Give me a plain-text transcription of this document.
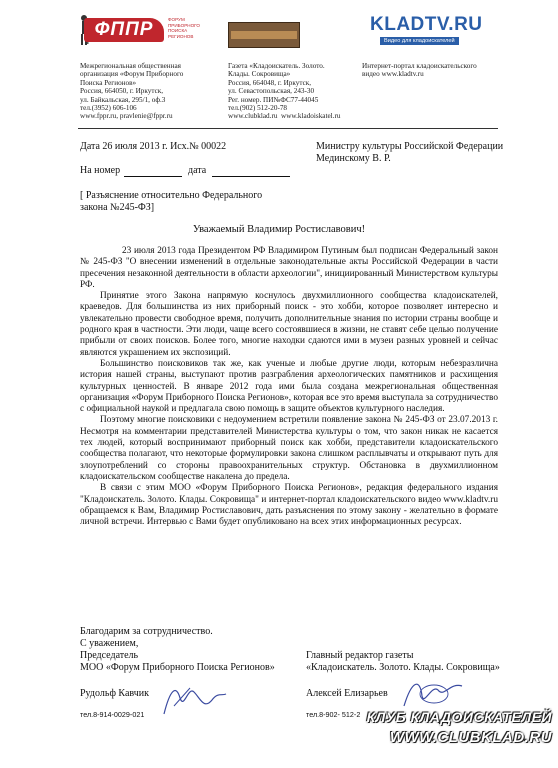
ФППР	ФОРУМ ПРИБОРНОГО ПОИСКА РЕГИОНОВ
KLADTV.RU
Видео для кладоискателей
Межрегиональная общественная
организация «Форум Приборного
Поиска Регионов»
Россия, 664050, г. Иркутск,
ул. Байкальская, 295/1, оф.3
тел.(3952) 606-106
www.fppr.ru, pravlenie@fppr.ru
Газета «Кладоискатель. Золото.
Клады. Сокровища»
Россия, 664048, г. Иркутск,
ул. Севастопольская, 243-30
Рег. номер. ПИ№ФС77-44045
тел.(902) 512-20-78
www.clubklad.ru  www.kladoiskatel.ru
Интернет-портал кладоискательского
видео www.kladtv.ru
Дата 26 июля 2013 г. Исх.№ 00022	Министру культуры Российской Федерации
Мединскому В. Р.
На номер	дата
[ Разъяснение относительно Федерального
закона №245-ФЗ]
Уважаемый Владимир Ростиславович!

23 июля 2013 года Президентом РФ Владимиром Путиным был подписан Федеральный закон № 245-ФЗ "О внесении изменений в отдельные законодательные акты Российской Федерации в части пресечения незаконной деятельности в области археологии", инициированный Министерством культуры РФ.

Принятие этого Закона напрямую коснулось двухмиллионного сообщества кладоискателей, краеведов. Для большинства из них приборный поиск - это хобби, которое позволяет интересно и увлекательно провести свободное время, получить дополнительные знания по истории страны вообще и родного края в частности. Эти люди, чаще всего состоявшиеся в жизни, не ставят себе целью получение прибыли от своих поисков. Более того, многие находки сдаются ими в музеи разных уровней и сейчас являются украшением их экспозиций.

Большинство поисковиков так же, как ученые и любые другие люди, которым небезразлична история нашей страны, выступают против разграбления археологических памятников и расхищения культурных ценностей. В январе 2012 года ими была создана межрегиональная общественная организация «Форум Приборного Поиска Регионов», которая все это время выступала за сотрудничество с официальной наукой и предлагала свою помощь в защите объектов культурного наследия.

Поэтому многие поисковики с недоумением встретили появление закона № 245-ФЗ от 23.07.2013 г. Несмотря на комментарии представителей Министерства культуры о том, что закон никак не касается тех людей, который воспринимают приборный поиск как хобби, представители кладоискательского сообщества полагают, что некоторые формулировки закона слишком расплывчаты и открывают путь для злоупотреблений со стороны правоохранительных структур. Обстановка в двухмиллионном кладоискательском сообществе накалена до предела.

В связи с этим МОО «Форум Приборного Поиска Регионов», редакция федерального издания "Кладоискатель. Золото. Клады. Сокровища" и интернет-портал кладоискательского видео www.kladtv.ru обращаемся к Вам, Владимир Ростиславович, дать разъяснения по этому закону - желательно в формате личной встречи. Интервью с Вами будет опубликовано на всех этих информационных ресурсах.

Благодарим за сотрудничество.
С уважением,
Председатель
МОО «Форум Приборного Поиска Регионов»
Главный редактор газеты
«Кладоискатель. Золото. Клады. Сокровища»
Рудольф Кавчик	Алексей Елизарьев
тел.8-914-0029-021	тел.8-902- 512-2 КЛУБ КЛАДОИСКАТЕЛЕЙ
WWW.CLUBKLAD.RU
